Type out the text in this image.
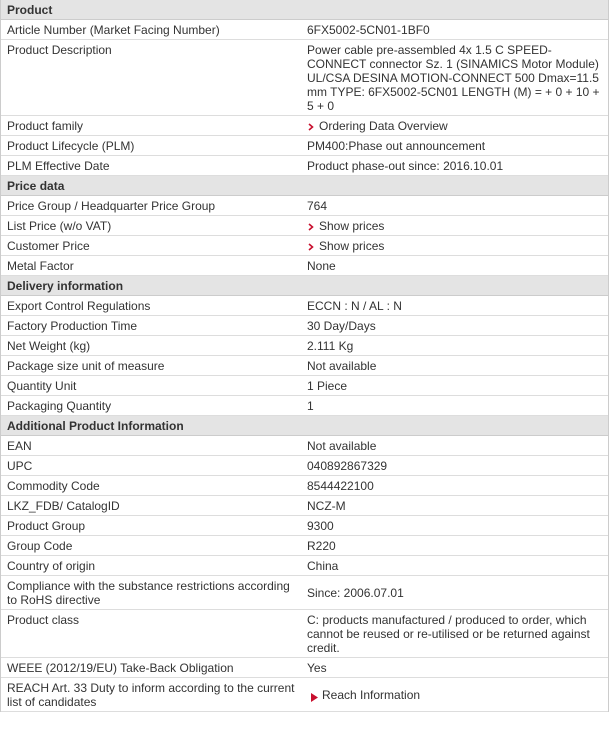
Product
Article Number (Market Facing Number)	6FX5002-5CN01-1BF0
Product Description	Power cable pre-assembled 4x 1.5 C SPEED-CONNECT connector Sz. 1 (SINAMICS Motor Module) UL/CSA DESINA MOTION-CONNECT 500 Dmax=11.5 mm TYPE: 6FX5002-5CN01 LENGTH (M) = + 0 + 10 + 5 + 0
Product family	Ordering Data Overview
Product Lifecycle (PLM)	PM400:Phase out announcement
PLM Effective Date	Product phase-out since: 2016.10.01
Price data
Price Group / Headquarter Price Group	764
List Price (w/o VAT)	Show prices
Customer Price	Show prices
Metal Factor	None
Delivery information
Export Control Regulations	ECCN : N / AL : N
Factory Production Time	30 Day/Days
Net Weight (kg)	2.111 Kg
Package size unit of measure	Not available
Quantity Unit	1 Piece
Packaging Quantity	1
Additional Product Information
EAN	Not available
UPC	040892867329
Commodity Code	8544422100
LKZ_FDB/ CatalogID	NCZ-M
Product Group	9300
Group Code	R220
Country of origin	China
Compliance with the substance restrictions according to RoHS directive	Since: 2006.07.01
Product class	C: products manufactured / produced to order, which cannot be reused or re-utilised or be returned against credit.
WEEE (2012/19/EU) Take-Back Obligation	Yes
REACH Art. 33 Duty to inform according to the current list of candidates	Reach Information
